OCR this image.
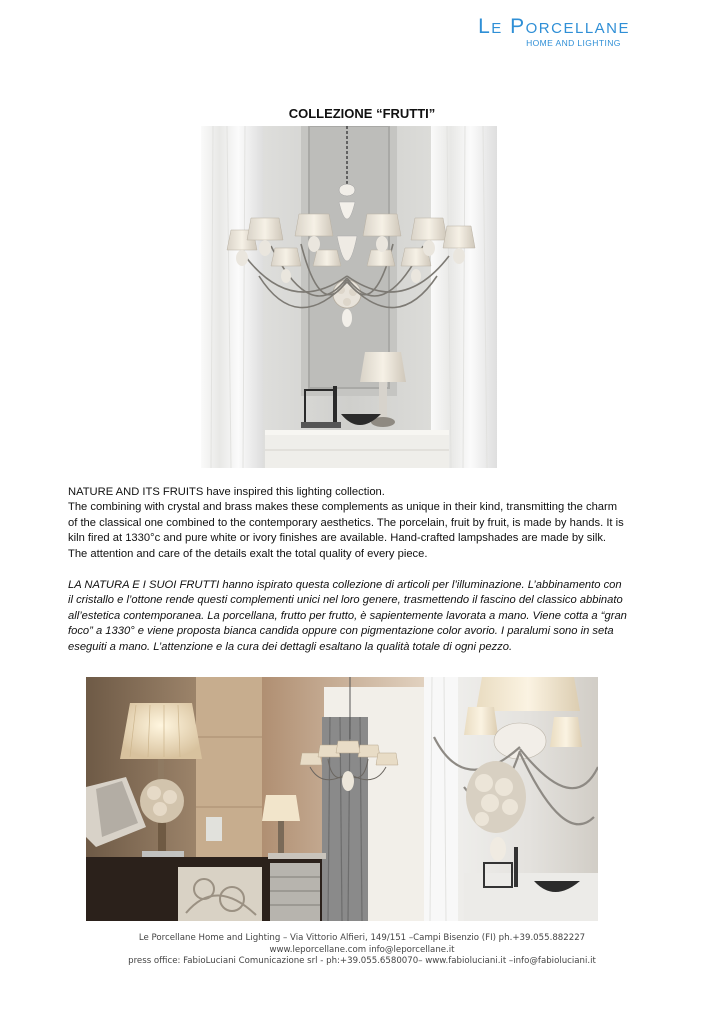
Le Porcellane
HOME AND LIGHTING
COLLEZIONE “FRUTTI”

NATURE AND ITS FRUITS have inspired this lighting collection.

The combining with crystal and brass makes these complements as unique in their kind, transmitting the charm of the classical one combined to the contemporary aesthetics. The porcelain, fruit by fruit, is made by hands. It is kiln fired at 1330°c and pure white or ivory finishes are available. Hand-crafted lampshades are made by silk. The attention and care of the details exalt the total quality of every piece.

LA NATURA E I SUOI FRUTTI hanno ispirato questa collezione di articoli per l’illuminazione. L’abbinamento con il cristallo e l’ottone rende questi complementi unici nel loro genere, trasmettendo il fascino del classico abbinato all’estetica contemporanea. La porcellana, frutto per frutto, è sapientemente lavorata a mano. Viene cotta a “gran foco” a 1330° e viene proposta bianca candida oppure con pigmentazione color avorio. I paralumi sono in seta eseguiti a mano. L’attenzione e la cura dei dettagli esaltano la qualità totale di ogni pezzo.

Le Porcellane Home and Lighting – Via Vittorio Alfieri, 149/151 –Campi Bisenzio (FI) ph.+39.055.882227
www.leporcellane.com info@leporcellane.it
press office: FabioLuciani Comunicazione srl - ph:+39.055.6580070– www.fabioluciani.it –info@fabioluciani.it
